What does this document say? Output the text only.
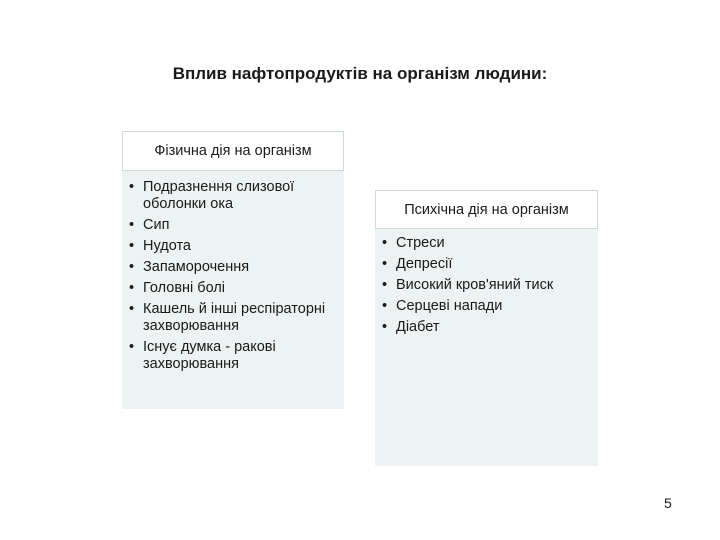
Вплив нафтопродуктів на організм людини:
Фізична дія на організм
• Подразнення слизової оболонки ока
• Сип
• Нудота
• Запаморочення
• Головні болі
• Кашель й інші респіраторні захворювання
• Існує думка - ракові захворювання
Психічна дія на організм
• Стреси
• Депресії
• Високий кров'яний тиск
• Серцеві напади
• Діабет
5
